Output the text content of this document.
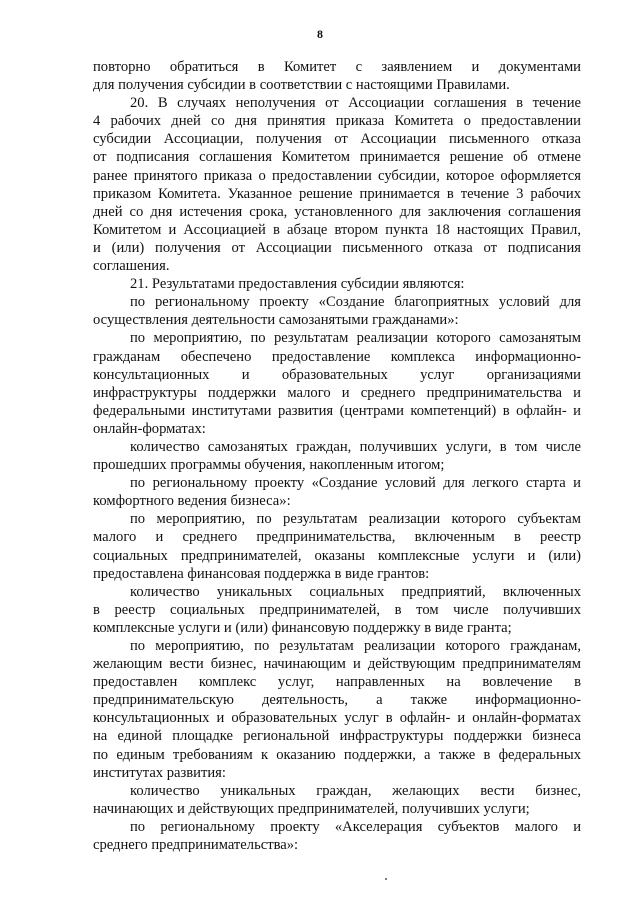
8
повторно обратиться в Комитет с заявлением и документами
для получения субсидии в соответствии с настоящими Правилами.
20. В случаях неполучения от Ассоциации соглашения в течение
4 рабочих дней со дня принятия приказа Комитета о предоставлении
субсидии Ассоциации, получения от Ассоциации письменного отказа
от подписания соглашения Комитетом принимается решение об отмене
ранее принятого приказа о предоставлении субсидии, которое оформляется
приказом Комитета. Указанное решение принимается в течение 3 рабочих
дней со дня истечения срока, установленного для заключения соглашения
Комитетом и Ассоциацией в абзаце втором пункта 18 настоящих Правил,
и (или) получения от Ассоциации письменного отказа от подписания
соглашения.
21. Результатами предоставления субсидии являются:
по региональному проекту «Создание благоприятных условий для
осуществления деятельности самозанятыми гражданами»:
по мероприятию, по результатам реализации которого самозанятым
гражданам обеспечено предоставление комплекса информационно-
консультационных и образовательных услуг организациями
инфраструктуры поддержки малого и среднего предпринимательства и
федеральными институтами развития (центрами компетенций) в офлайн- и
онлайн-форматах:
количество самозанятых граждан, получивших услуги, в том числе
прошедших программы обучения, накопленным итогом;
по региональному проекту «Создание условий для легкого старта и
комфортного ведения бизнеса»:
по мероприятию, по результатам реализации которого субъектам
малого и среднего предпринимательства, включенным в реестр
социальных предпринимателей, оказаны комплексные услуги и (или)
предоставлена финансовая поддержка в виде грантов:
количество уникальных социальных предприятий, включенных
в реестр социальных предпринимателей, в том числе получивших
комплексные услуги и (или) финансовую поддержку в виде гранта;
по мероприятию, по результатам реализации которого гражданам,
желающим вести бизнес, начинающим и действующим предпринимателям
предоставлен комплекс услуг, направленных на вовлечение в
предпринимательскую деятельность, а также информационно-
консультационных и образовательных услуг в офлайн- и онлайн-форматах
на единой площадке региональной инфраструктуры поддержки бизнеса
по единым требованиям к оказанию поддержки, а также в федеральных
институтах развития:
количество уникальных граждан, желающих вести бизнес,
начинающих и действующих предпринимателей, получивших услуги;
по региональному проекту «Акселерация субъектов малого и
среднего предпринимательства»:
